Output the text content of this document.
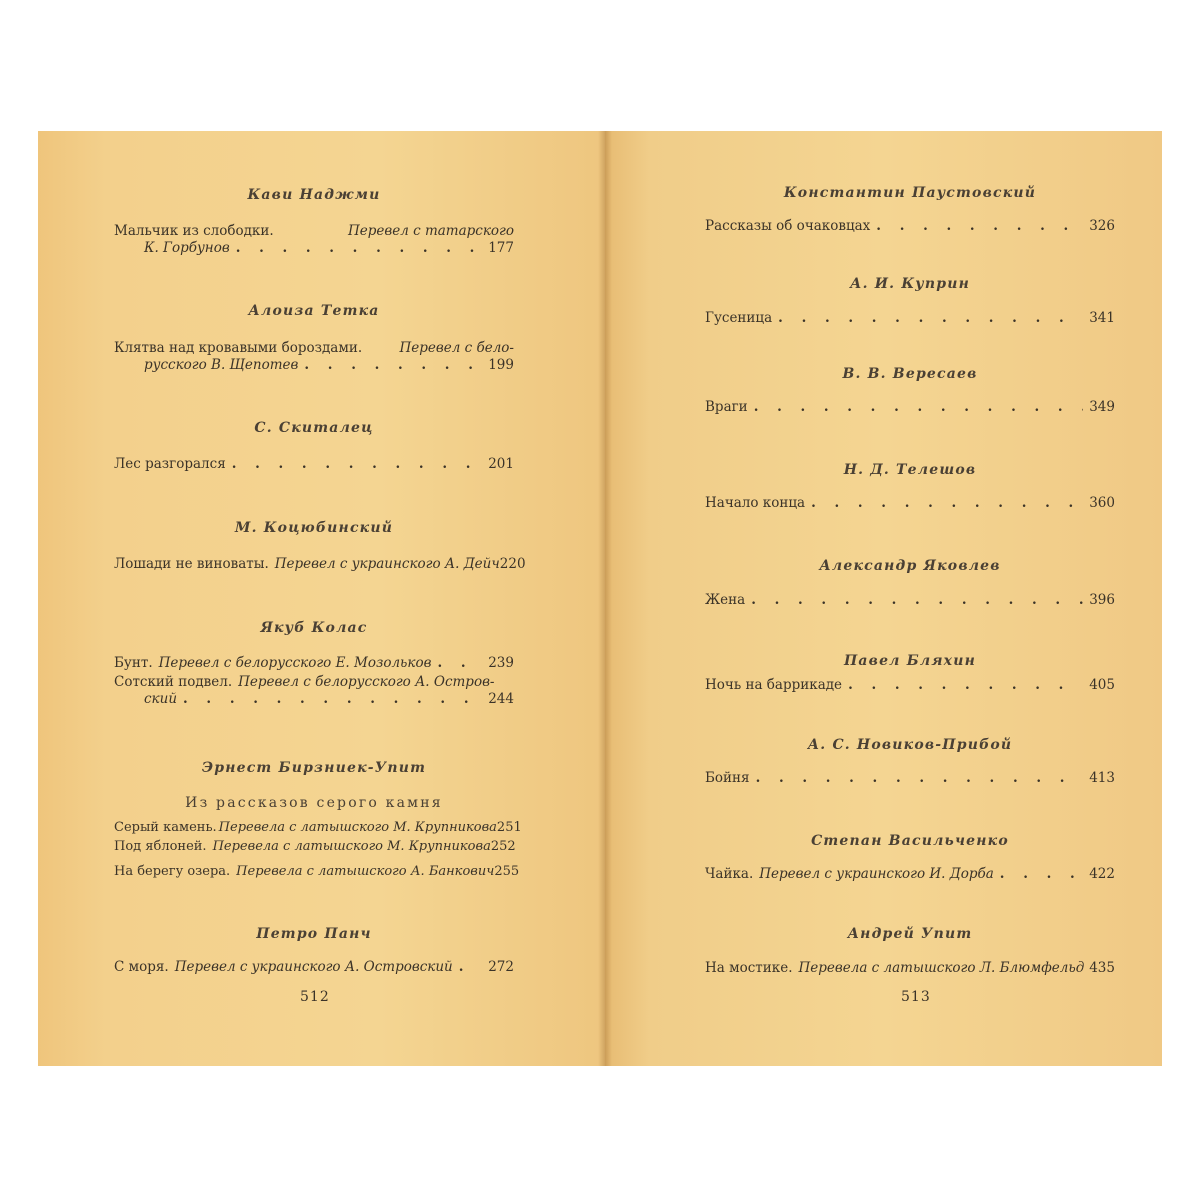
Кави Наджми
Мальчик из слободки.	Перевел с татарского
К. Горбунов . . .	177
Алоиза Тетка
Клятва над кровавыми бороздами.	Перевел с бело-
русского В. Щепотев . . .	199
С. Скиталец
Лес разгорался . . .	201
М. Коцюбинский
Лошади не виноваты. Перевел с украинского А. Дейч 220
Якуб Колас
Бунт. Перевел с белорусского Е. Мозольков . . .	239
Сотский подвел. Перевел с белорусского А. Остров-
ский . . .	244
Эрнест Бирзниек-Упит
Из рассказов серого камня
Серый камень. Перевела с латышского М. Крупникова 251
Под яблоней. Перевела с латышского М. Крупникова 252
На берегу озера. Перевела с латышского А. Банкович 255
Петро Панч
С моря. Перевел с украинского А. Островский . . .	272
512
Константин Паустовский
Рассказы об очаковцах . . .	326
А. И. Куприн
Гусеница . . .	341
В. В. Вересаев
Враги . . .	349
Н. Д. Телешов
Начало конца . . .	360
Александр Яковлев
Жена . . .	396
Павел Бляхин
Ночь на баррикаде . . .	405
А. С. Новиков-Прибой
Бойня . . .	413
Степан Васильченко
Чайка. Перевел с украинского И. Дорба . . .	422
Андрей Упит
На мостике. Перевела с латышского Л. Блюмфельд 435
513
